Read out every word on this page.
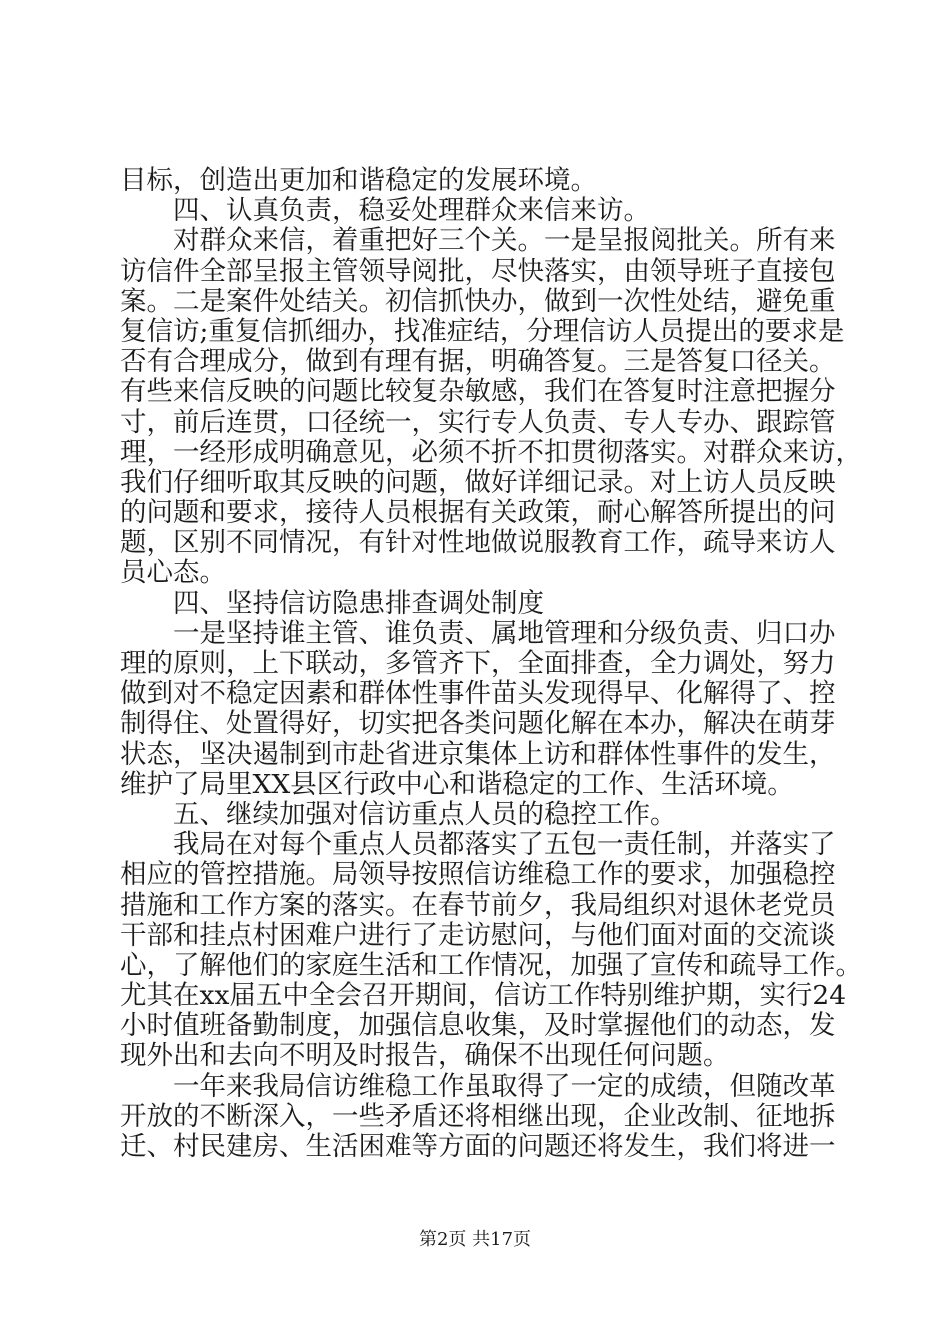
目标，创造出更加和谐稳定的发展环境。
四、认真负责，稳妥处理群众来信来访。
对群众来信，着重把好三个关。一是呈报阅批关。所有来
访信件全部呈报主管领导阅批，尽快落实，由领导班子直接包
案。二是案件处结关。初信抓快办，做到一次性处结，避免重
复信访;重复信抓细办，找准症结，分理信访人员提出的要求是
否有合理成分，做到有理有据，明确答复。三是答复口径关。
有些来信反映的问题比较复杂敏感，我们在答复时注意把握分
寸，前后连贯，口径统一，实行专人负责、专人专办、跟踪管
理，一经形成明确意见，必须不折不扣贯彻落实。对群众来访，
我们仔细听取其反映的问题，做好详细记录。对上访人员反映
的问题和要求，接待人员根据有关政策，耐心解答所提出的问
题，区别不同情况，有针对性地做说服教育工作，疏导来访人
员心态。
四、坚持信访隐患排查调处制度
一是坚持谁主管、谁负责、属地管理和分级负责、归口办
理的原则，上下联动，多管齐下，全面排查，全力调处，努力
做到对不稳定因素和群体性事件苗头发现得早、化解得了、控
制得住、处置得好，切实把各类问题化解在本办，解决在萌芽
状态，坚决遏制到市赴省进京集体上访和群体性事件的发生，
维护了局里XX县区行政中心和谐稳定的工作、生活环境。
五、继续加强对信访重点人员的稳控工作。
我局在对每个重点人员都落实了五包一责任制，并落实了
相应的管控措施。局领导按照信访维稳工作的要求，加强稳控
措施和工作方案的落实。在春节前夕，我局组织对退休老党员
干部和挂点村困难户进行了走访慰问，与他们面对面的交流谈
心，了解他们的家庭生活和工作情况，加强了宣传和疏导工作。
尤其在xx届五中全会召开期间，信访工作特别维护期，实行24
小时值班备勤制度，加强信息收集，及时掌握他们的动态，发
现外出和去向不明及时报告，确保不出现任何问题。
一年来我局信访维稳工作虽取得了一定的成绩，但随改革
开放的不断深入，一些矛盾还将相继出现，企业改制、征地拆
迁、村民建房、生活困难等方面的问题还将发生，我们将进一
第2页 共17页
